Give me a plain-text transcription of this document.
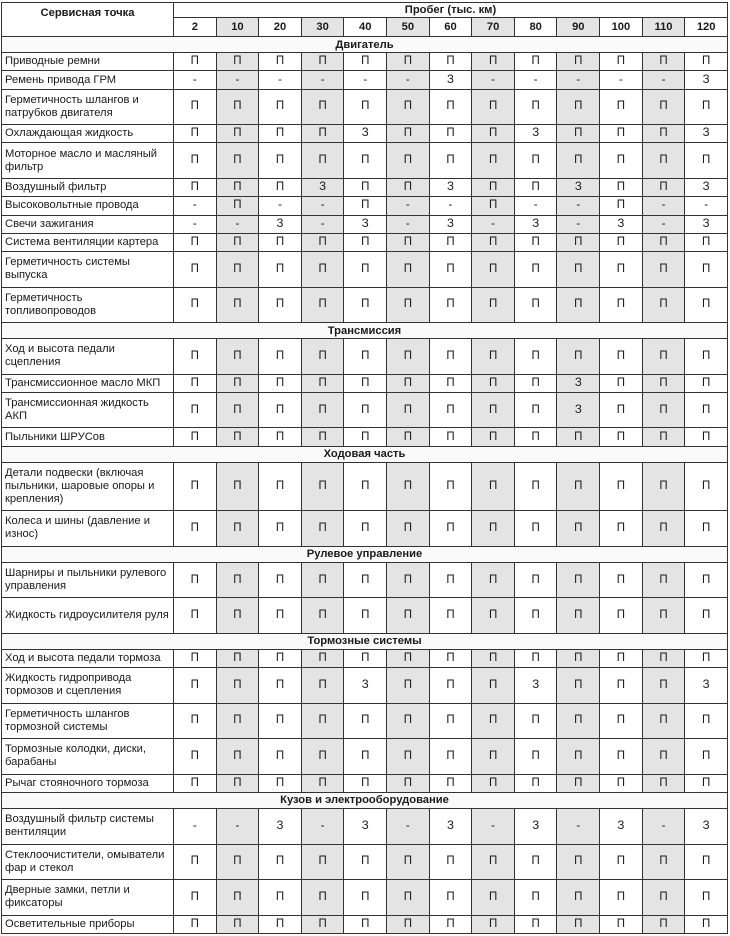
Сервисная точка	Пробег (тыс. км)												
	2	10	20	30	40	50	60	70	80	90	100	110	120
Двигатель													
Приводные ремни	П	П	П	П	П	П	П	П	П	П	П	П	П
Ремень привода ГРМ	-	-	-	-	-	-	З	-	-	-	-	-	З
Герметичность шлангов и патрубков двигателя	П	П	П	П	П	П	П	П	П	П	П	П	П
Охлаждающая жидкость	П	П	П	П	З	П	П	П	З	П	П	П	З
Моторное масло и масляный фильтр	П	П	П	П	П	П	П	П	П	П	П	П	П
Воздушный фильтр	П	П	П	З	П	П	З	П	П	З	П	П	З
Высоковольтные провода	-	П	-	-	П	-	-	П	-	-	П	-	-
Свечи зажигания	-	-	З	-	З	-	З	-	З	-	З	-	З
Система вентиляции картера	П	П	П	П	П	П	П	П	П	П	П	П	П
Герметичность системы выпуска	П	П	П	П	П	П	П	П	П	П	П	П	П
Герметичность топливопроводов	П	П	П	П	П	П	П	П	П	П	П	П	П
Трансмиссия													
Ход и высота педали сцепления	П	П	П	П	П	П	П	П	П	П	П	П	П
Трансмиссионное масло МКП	П	П	П	П	П	П	П	П	П	З	П	П	П
Трансмиссионная жидкость АКП	П	П	П	П	П	П	П	П	П	З	П	П	П
Пыльники ШРУСов	П	П	П	П	П	П	П	П	П	П	П	П	П
Ходовая часть													
Детали подвески (включая пыльники, шаровые опоры и крепления)	П	П	П	П	П	П	П	П	П	П	П	П	П
Колеса и шины (давление и износ)	П	П	П	П	П	П	П	П	П	П	П	П	П
Рулевое управление													
Шарниры и пыльники рулевого управления	П	П	П	П	П	П	П	П	П	П	П	П	П
Жидкость гидроусилителя руля	П	П	П	П	П	П	П	П	П	П	П	П	П
Тормозные системы													
Ход и высота педали тормоза	П	П	П	П	П	П	П	П	П	П	П	П	П
Жидкость гидропривода тормозов и сцепления	П	П	П	П	З	П	П	П	З	П	П	П	З
Герметичность шлангов тормозной системы	П	П	П	П	П	П	П	П	П	П	П	П	П
Тормозные колодки, диски, барабаны	П	П	П	П	П	П	П	П	П	П	П	П	П
Рычаг стояночного тормоза	П	П	П	П	П	П	П	П	П	П	П	П	П
Кузов и электрооборудование													
Воздушный фильтр системы вентиляции	-	-	З	-	З	-	З	-	З	-	З	-	З
Стеклоочистители, омыватели фар и стекол	П	П	П	П	П	П	П	П	П	П	П	П	П
Дверные замки, петли и фиксаторы	П	П	П	П	П	П	П	П	П	П	П	П	П
Осветительные приборы	П	П	П	П	П	П	П	П	П	П	П	П	П
